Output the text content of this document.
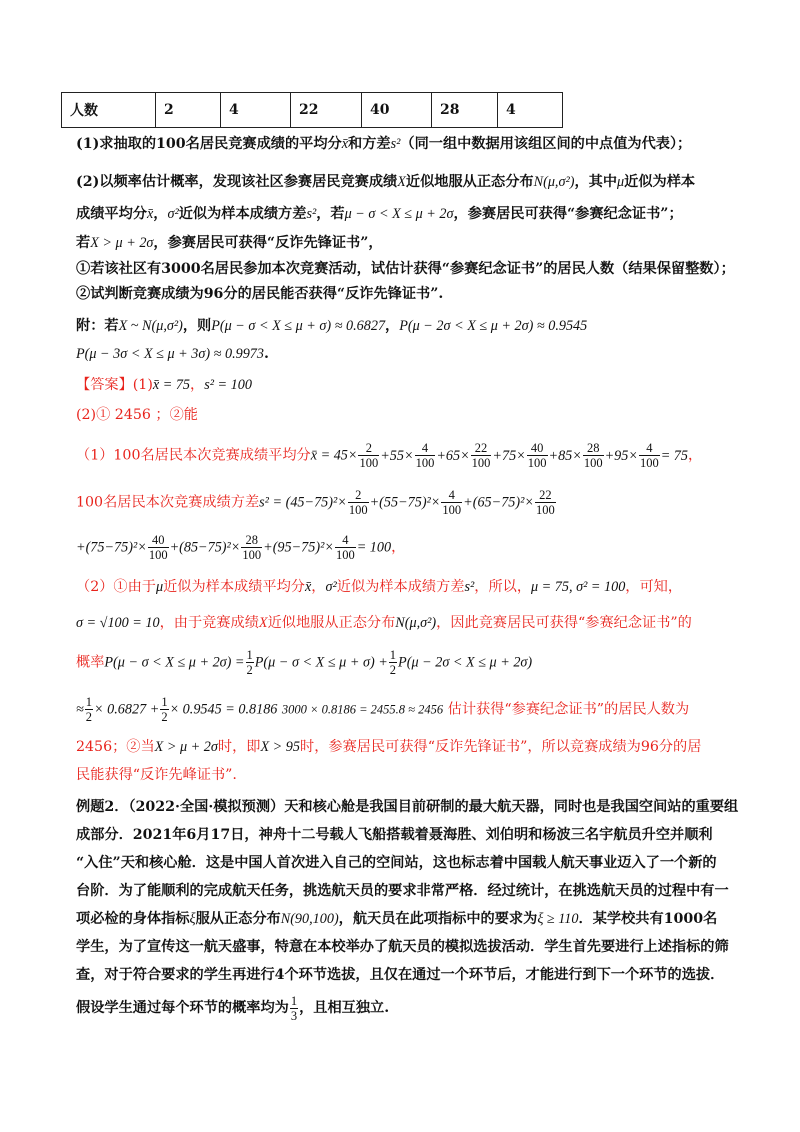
人数	2	4	22	40	28	4
(1)求抽取的100名居民竞赛成绩的平均分x̄和方差s²（同一组中数据用该组区间的中点值为代表）；
(2)以频率估计概率，发现该社区参赛居民竞赛成绩X近似地服从正态分布N(μ,σ²)，其中μ近似为样本
成绩平均分x̄，σ²近似为样本成绩方差s²，若μ − σ < X ≤ μ + 2σ，参赛居民可获得“参赛纪念证书”；
若X > μ + 2σ，参赛居民可获得“反诈先锋证书”，
①若该社区有3000名居民参加本次竞赛活动，试估计获得“参赛纪念证书”的居民人数（结果保留整数）；
②试判断竞赛成绩为96分的居民能否获得“反诈先锋证书”.
附：若X ~ N(μ,σ²)，则P(μ − σ < X ≤ μ + σ) ≈ 0.6827，P(μ − 2σ < X ≤ μ + 2σ) ≈ 0.9545
P(μ − 3σ < X ≤ μ + 3σ) ≈ 0.9973.
【答案】(1)x̄ = 75，s² = 100
(2)① 2456 ；②能
（1）100名居民本次竞赛成绩平均分x̄ = $45\times \frac{2}{100} +55\times \frac{4}{100} +65\times \frac{22}{100} +75\times \frac{40}{100} +85\times \frac{28}{100} +95\times \frac{4}{100} = 75$，
100名居民本次竞赛成绩方差$s^2 = (45-75)^2\times \frac{2}{100} +(55-75)^2\times \frac{4}{100} +(65-75)^2\times \frac{22}{100}$
$+(75-75)^2\times \frac{40}{100} +(85-75)^2\times \frac{28}{100} +(95-75)^2\times \frac{4}{100} = 100$，
（2）①由于μ近似为样本成绩平均分x̄，σ²近似为样本成绩方差s²，所以，μ = 75, σ² = 100，可知，
σ = √100 = 10，由于竞赛成绩X近似地服从正态分布N(μ,σ²)，因此竞赛居民可获得“参赛纪念证书”的
概率$P(\mu - \sigma < X \le \mu + 2\sigma) = \frac{1}{2} P(\mu - \sigma < X \le \mu + \sigma) + \frac{1}{2} P(\mu - 2\sigma < X \le \mu + 2\sigma)$
≈ $\frac{1}{2} \times 0.6827 + \frac{1}{2} \times 0.9545 = 0.8186$ 3000 × 0.8186 = 2455.8 ≈ 2456 估计获得“参赛纪念证书”的居民人数为
2456；②当X > μ + 2σ时，即X > 95时，参赛居民可获得“反诈先锋证书”，所以竞赛成绩为96分的居
民能获得“反诈先峰证书”.
例题2．（2022·全国·模拟预测）天和核心舱是我国目前研制的最大航天器，同时也是我国空间站的重要组
成部分．2021年6月17日，神舟十二号载人飞船搭载着聂海胜、刘伯明和杨波三名宇航员升空并顺利
“入住”天和核心舱．这是中国人首次进入自己的空间站，这也标志着中国载人航天事业迈入了一个新的
台阶．为了能顺利的完成航天任务，挑选航天员的要求非常严格．经过统计，在挑选航天员的过程中有一
项必检的身体指标ξ服从正态分布N(90,100)，航天员在此项指标中的要求为ξ ≥ 110．某学校共有1000名
学生，为了宣传这一航天盛事，特意在本校举办了航天员的模拟选拔活动．学生首先要进行上述指标的筛
查，对于符合要求的学生再进行4个环节选拔，且仅在通过一个环节后，才能进行到下一个环节的选拔．
假设学生通过每个环节的概率均为 $\frac{1}{3}$ ，且相互独立.
